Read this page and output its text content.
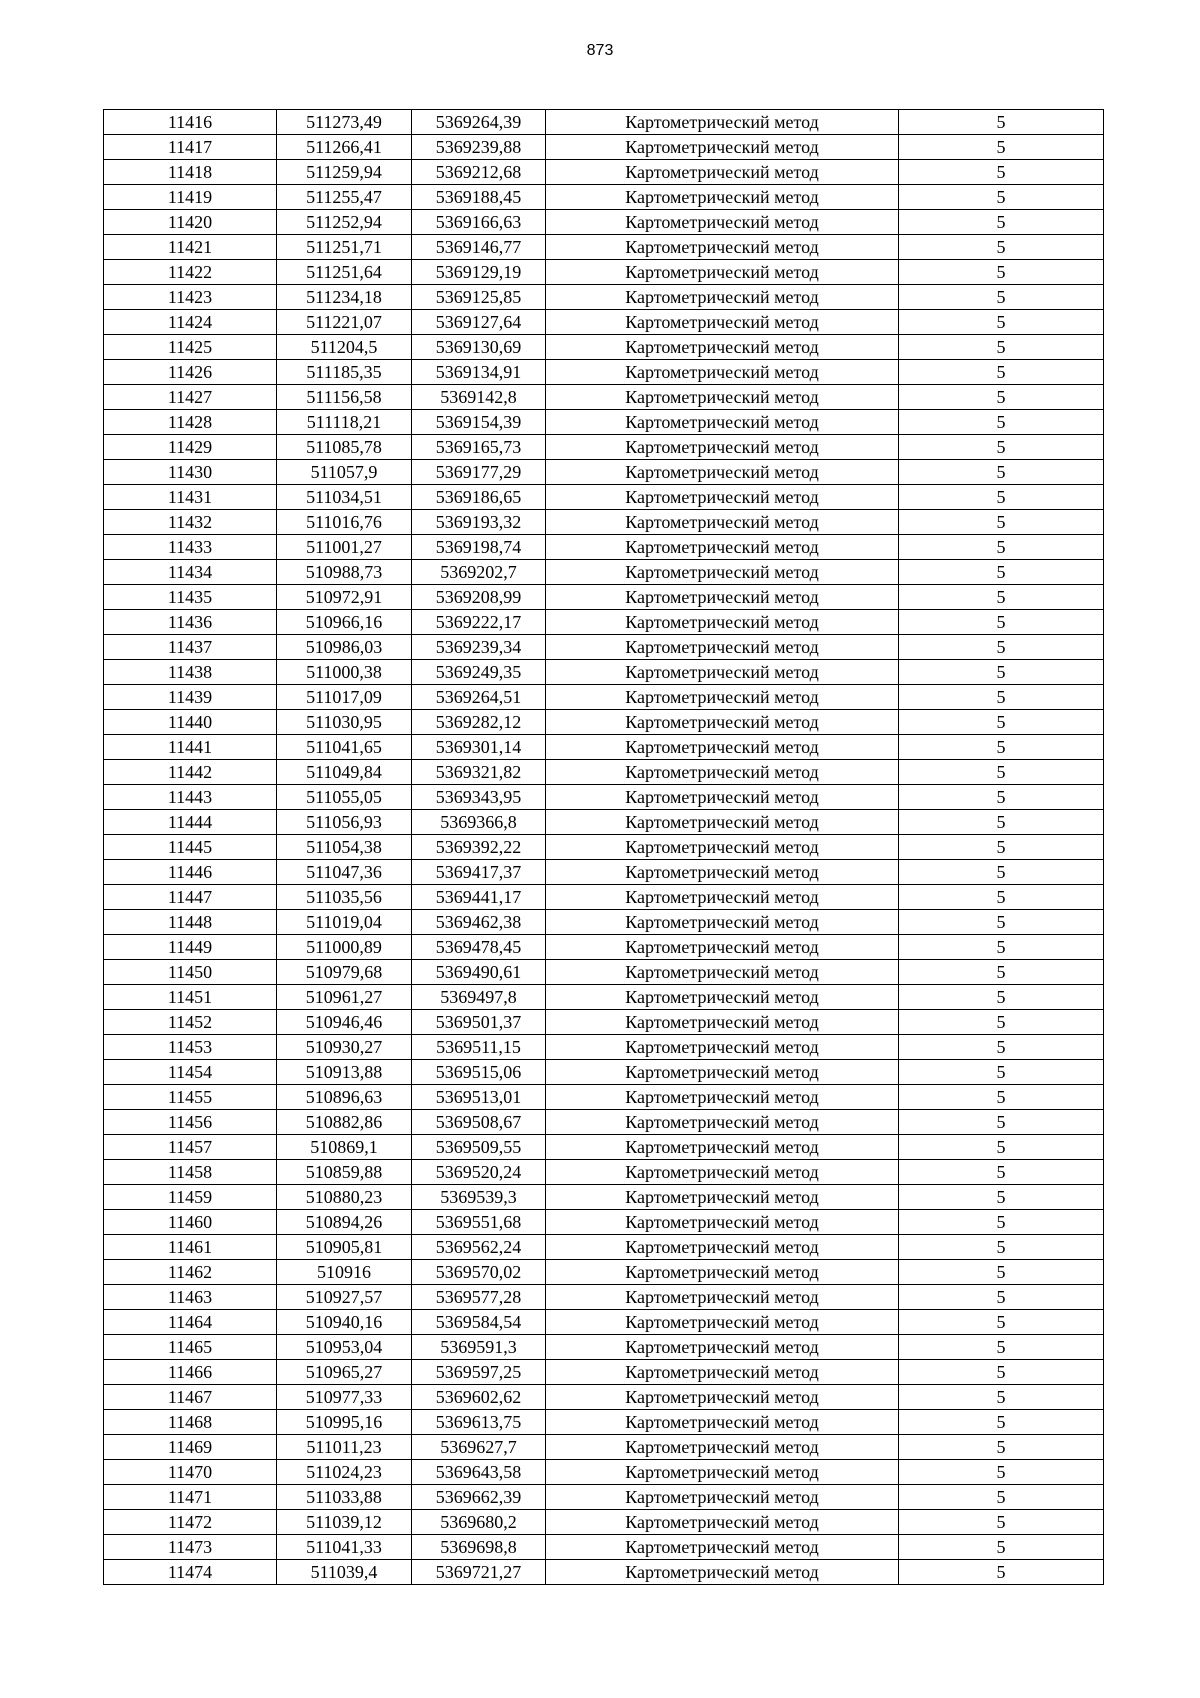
873
11416	511273,49	5369264,39	Картометрический метод	5
11417	511266,41	5369239,88	Картометрический метод	5
11418	511259,94	5369212,68	Картометрический метод	5
11419	511255,47	5369188,45	Картометрический метод	5
11420	511252,94	5369166,63	Картометрический метод	5
11421	511251,71	5369146,77	Картометрический метод	5
11422	511251,64	5369129,19	Картометрический метод	5
11423	511234,18	5369125,85	Картометрический метод	5
11424	511221,07	5369127,64	Картометрический метод	5
11425	511204,5	5369130,69	Картометрический метод	5
11426	511185,35	5369134,91	Картометрический метод	5
11427	511156,58	5369142,8	Картометрический метод	5
11428	511118,21	5369154,39	Картометрический метод	5
11429	511085,78	5369165,73	Картометрический метод	5
11430	511057,9	5369177,29	Картометрический метод	5
11431	511034,51	5369186,65	Картометрический метод	5
11432	511016,76	5369193,32	Картометрический метод	5
11433	511001,27	5369198,74	Картометрический метод	5
11434	510988,73	5369202,7	Картометрический метод	5
11435	510972,91	5369208,99	Картометрический метод	5
11436	510966,16	5369222,17	Картометрический метод	5
11437	510986,03	5369239,34	Картометрический метод	5
11438	511000,38	5369249,35	Картометрический метод	5
11439	511017,09	5369264,51	Картометрический метод	5
11440	511030,95	5369282,12	Картометрический метод	5
11441	511041,65	5369301,14	Картометрический метод	5
11442	511049,84	5369321,82	Картометрический метод	5
11443	511055,05	5369343,95	Картометрический метод	5
11444	511056,93	5369366,8	Картометрический метод	5
11445	511054,38	5369392,22	Картометрический метод	5
11446	511047,36	5369417,37	Картометрический метод	5
11447	511035,56	5369441,17	Картометрический метод	5
11448	511019,04	5369462,38	Картометрический метод	5
11449	511000,89	5369478,45	Картометрический метод	5
11450	510979,68	5369490,61	Картометрический метод	5
11451	510961,27	5369497,8	Картометрический метод	5
11452	510946,46	5369501,37	Картометрический метод	5
11453	510930,27	5369511,15	Картометрический метод	5
11454	510913,88	5369515,06	Картометрический метод	5
11455	510896,63	5369513,01	Картометрический метод	5
11456	510882,86	5369508,67	Картометрический метод	5
11457	510869,1	5369509,55	Картометрический метод	5
11458	510859,88	5369520,24	Картометрический метод	5
11459	510880,23	5369539,3	Картометрический метод	5
11460	510894,26	5369551,68	Картометрический метод	5
11461	510905,81	5369562,24	Картометрический метод	5
11462	510916	5369570,02	Картометрический метод	5
11463	510927,57	5369577,28	Картометрический метод	5
11464	510940,16	5369584,54	Картометрический метод	5
11465	510953,04	5369591,3	Картометрический метод	5
11466	510965,27	5369597,25	Картометрический метод	5
11467	510977,33	5369602,62	Картометрический метод	5
11468	510995,16	5369613,75	Картометрический метод	5
11469	511011,23	5369627,7	Картометрический метод	5
11470	511024,23	5369643,58	Картометрический метод	5
11471	511033,88	5369662,39	Картометрический метод	5
11472	511039,12	5369680,2	Картометрический метод	5
11473	511041,33	5369698,8	Картометрический метод	5
11474	511039,4	5369721,27	Картометрический метод	5
